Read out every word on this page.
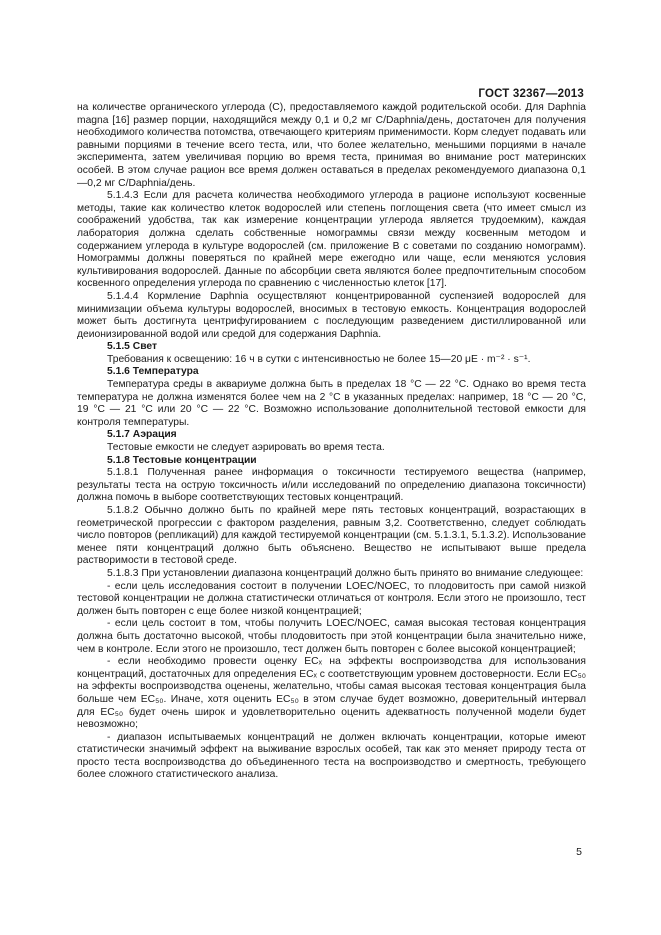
ГОСТ 32367—2013

на количестве органического углерода (С), предоставляемого каждой родительской особи. Для Daphnia magna [16] размер порции, находящийся между 0,1 и 0,2 мг C/Daphnia/день, достаточен для получения необходимого количества потомства, отвечающего критериям применимости. Корм следует подавать или равными порциями в течение всего теста, или, что более желательно, меньшими порциями в начале эксперимента, затем увеличивая порцию во время теста, принимая во внимание рост материнских особей. В этом случае рацион все время должен оставаться в пределах рекомендуемого диапазона 0,1—0,2 мг C/Daphnia/день.

5.1.4.3 Если для расчета количества необходимого углерода в рационе используют косвенные методы, такие как количество клеток водорослей или степень поглощения света (что имеет смысл из соображений удобства, так как измерение концентрации углерода является трудоемким), каждая лаборатория должна сделать собственные номограммы связи между косвенным методом и содержанием углерода в культуре водорослей (см. приложение В с советами по созданию номограмм). Номограммы должны поверяться по крайней мере ежегодно или чаще, если меняются условия культивирования водорослей. Данные по абсорбции света являются более предпочтительным способом косвенного определения углерода по сравнению с численностью клеток [17].

5.1.4.4 Кормление Daphnia осуществляют концентрированной суспензией водорослей для минимизации объема культуры водорослей, вносимых в тестовую емкость. Концентрация водорослей может быть достигнута центрифугированием с последующим разведением дистиллированной или деионизированной водой или средой для содержания Daphnia.

5.1.5 Свет

Требования к освещению: 16 ч в сутки с интенсивностью не более 15—20 μE · m⁻² · s⁻¹.

5.1.6 Температура

Температура среды в аквариуме должна быть в пределах 18 °С — 22 °С. Однако во время теста температура не должна изменятся более чем на 2 °С в указанных пределах: например, 18 °С — 20 °С, 19 °С — 21 °С или 20 °С — 22 °С. Возможно использование дополнительной тестовой емкости для контроля температуры.

5.1.7 Аэрация

Тестовые емкости не следует аэрировать во время теста.

5.1.8 Тестовые концентрации

5.1.8.1 Полученная ранее информация о токсичности тестируемого вещества (например, результаты теста на острую токсичность и/или исследований по определению диапазона токсичности) должна помочь в выборе соответствующих тестовых концентраций.

5.1.8.2 Обычно должно быть по крайней мере пять тестовых концентраций, возрастающих в геометрической прогрессии с фактором разделения, равным 3,2. Соответственно, следует соблюдать число повторов (репликаций) для каждой тестируемой концентрации (см. 5.1.3.1, 5.1.3.2). Использование менее пяти концентраций должно быть объяснено. Вещество не испытывают выше предела растворимости в тестовой среде.

5.1.8.3 При установлении диапазона концентраций должно быть принято во внимание следующее:

- если цель исследования состоит в получении LOEC/NOEC, то плодовитость при самой низкой тестовой концентрации не должна статистически отличаться от контроля. Если этого не произошло, тест должен быть повторен с еще более низкой концентрацией;

- если цель состоит в том, чтобы получить LOEC/NOEC, самая высокая тестовая концентрация должна быть достаточно высокой, чтобы плодовитость при этой концентрации была значительно ниже, чем в контроле. Если этого не произошло, тест должен быть повторен с более высокой концентрацией;

- если необходимо провести оценку ECₓ на эффекты воспроизводства для использования концентраций, достаточных для определения ECₓ с соответствующим уровнем достоверности. Если EC₅₀ на эффекты воспроизводства оценены, желательно, чтобы самая высокая тестовая концентрация была больше чем EC₅₀. Иначе, хотя оценить EC₅₀ в этом случае будет возможно, доверительный интервал для EC₅₀ будет очень широк и удовлетворительно оценить адекватность полученной модели будет невозможно;

- диапазон испытываемых концентраций не должен включать концентрации, которые имеют статистически значимый эффект на выживание взрослых особей, так как это меняет природу теста от просто теста воспроизводства до объединенного теста на воспроизводство и смертность, требующего более сложного статистического анализа.

5
